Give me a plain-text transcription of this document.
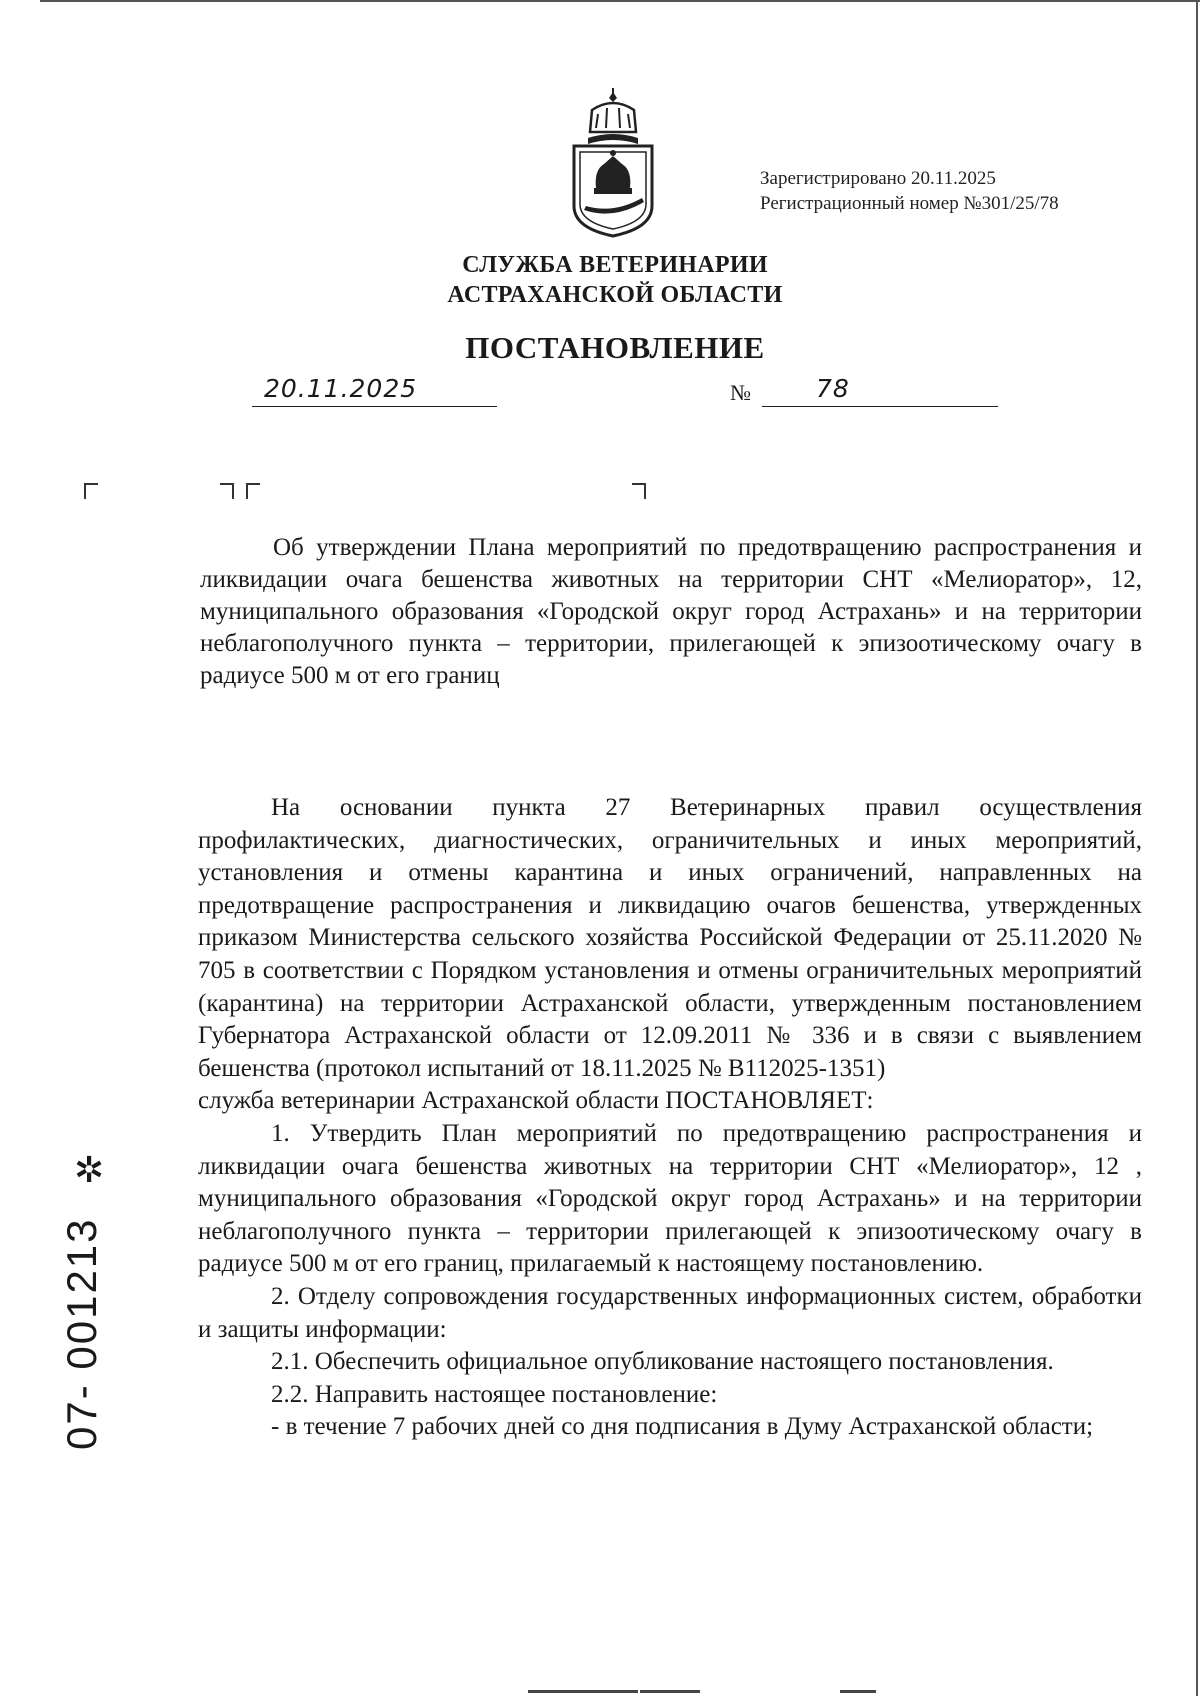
Зарегистрировано 20.11.2025
Регистрационный номер №301/25/78
СЛУЖБА ВЕТЕРИНАРИИ
АСТРАХАНСКОЙ ОБЛАСТИ
ПОСТАНОВЛЕНИЕ
20.11.2025	№	78

Об утверждении Плана мероприятий по предотвращению распространения и ликвидации очага бешенства животных на территории СНТ «Мелиоратор», 12, муниципального образования «Городской округ город Астрахань» и на территории неблагополучного пункта – территории, прилегающей к эпизоотическому очагу в радиусе 500 м от его границ

На основании пункта 27 Ветеринарных правил осуществления профилактических, диагностических, ограничительных и иных мероприятий, установления и отмены карантина и иных ограничений, направленных на предотвращение распространения и ликвидацию очагов бешенства, утвержденных приказом Министерства сельского хозяйства Российской Федерации от 25.11.2020 № 705 в соответствии с Порядком установления и отмены ограничительных мероприятий (карантина) на территории Астраханской области, утвержденным постановлением Губернатора Астраханской области от 12.09.2011 № 336 и в связи с выявлением бешенства (протокол испытаний от 18.11.2025 № В112025-1351)

служба ветеринарии Астраханской области ПОСТАНОВЛЯЕТ:

1. Утвердить План мероприятий по предотвращению распространения и ликвидации очага бешенства животных на территории СНТ «Мелиоратор», 12 , муниципального образования «Городской округ город Астрахань» и на территории неблагополучного пункта – территории прилегающей к эпизоотическому очагу в радиусе 500 м от его границ, прилагаемый к настоящему постановлению.

2. Отделу сопровождения государственных информационных систем, обработки и защиты информации:

2.1. Обеспечить официальное опубликование настоящего постановления.

2.2. Направить настоящее постановление:

- в течение 7 рабочих дней со дня подписания в Думу Астраханской области;

07- 001213
✲
